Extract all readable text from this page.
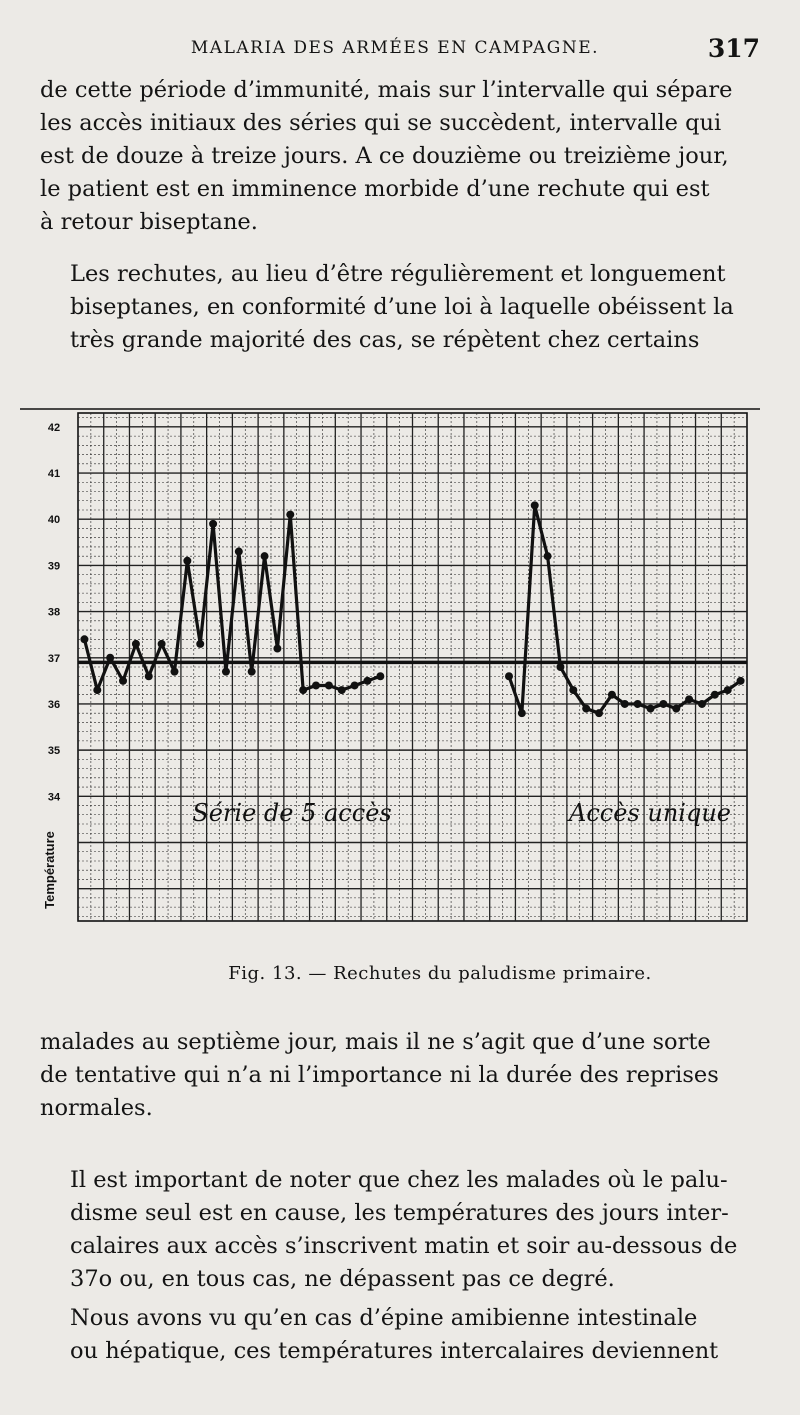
MALARIA DES ARMÉES EN CAMPAGNE.	317
de cette période d’immunité, mais sur l’intervalle qui sépare
les accès initiaux des séries qui se succèdent, intervalle qui
est de douze à treize jours. A ce douzième ou treizième jour,
le patient est en imminence morbide d’une rechute qui est
à retour biseptane.
Les rechutes, au lieu d’être régulièrement et longuement
biseptanes, en conformité d’une loi à laquelle obéissent la
très grande majorité des cas, se répètent chez certains
42
41
40
39
38
37
36
35
34
Température
Série de 5 accès	Accès unique
Fig. 13. — Rechutes du paludisme primaire.
malades au septième jour, mais il ne s’agit que d’une sorte
de tentative qui n’a ni l’importance ni la durée des reprises
normales.
Il est important de noter que chez les malades où le palu-
disme seul est en cause, les températures des jours inter-
calaires aux accès s’inscrivent matin et soir au-dessous de
37o ou, en tous cas, ne dépassent pas ce degré.
Nous avons vu qu’en cas d’épine amibienne intestinale
ou hépatique, ces températures intercalaires deviennent
